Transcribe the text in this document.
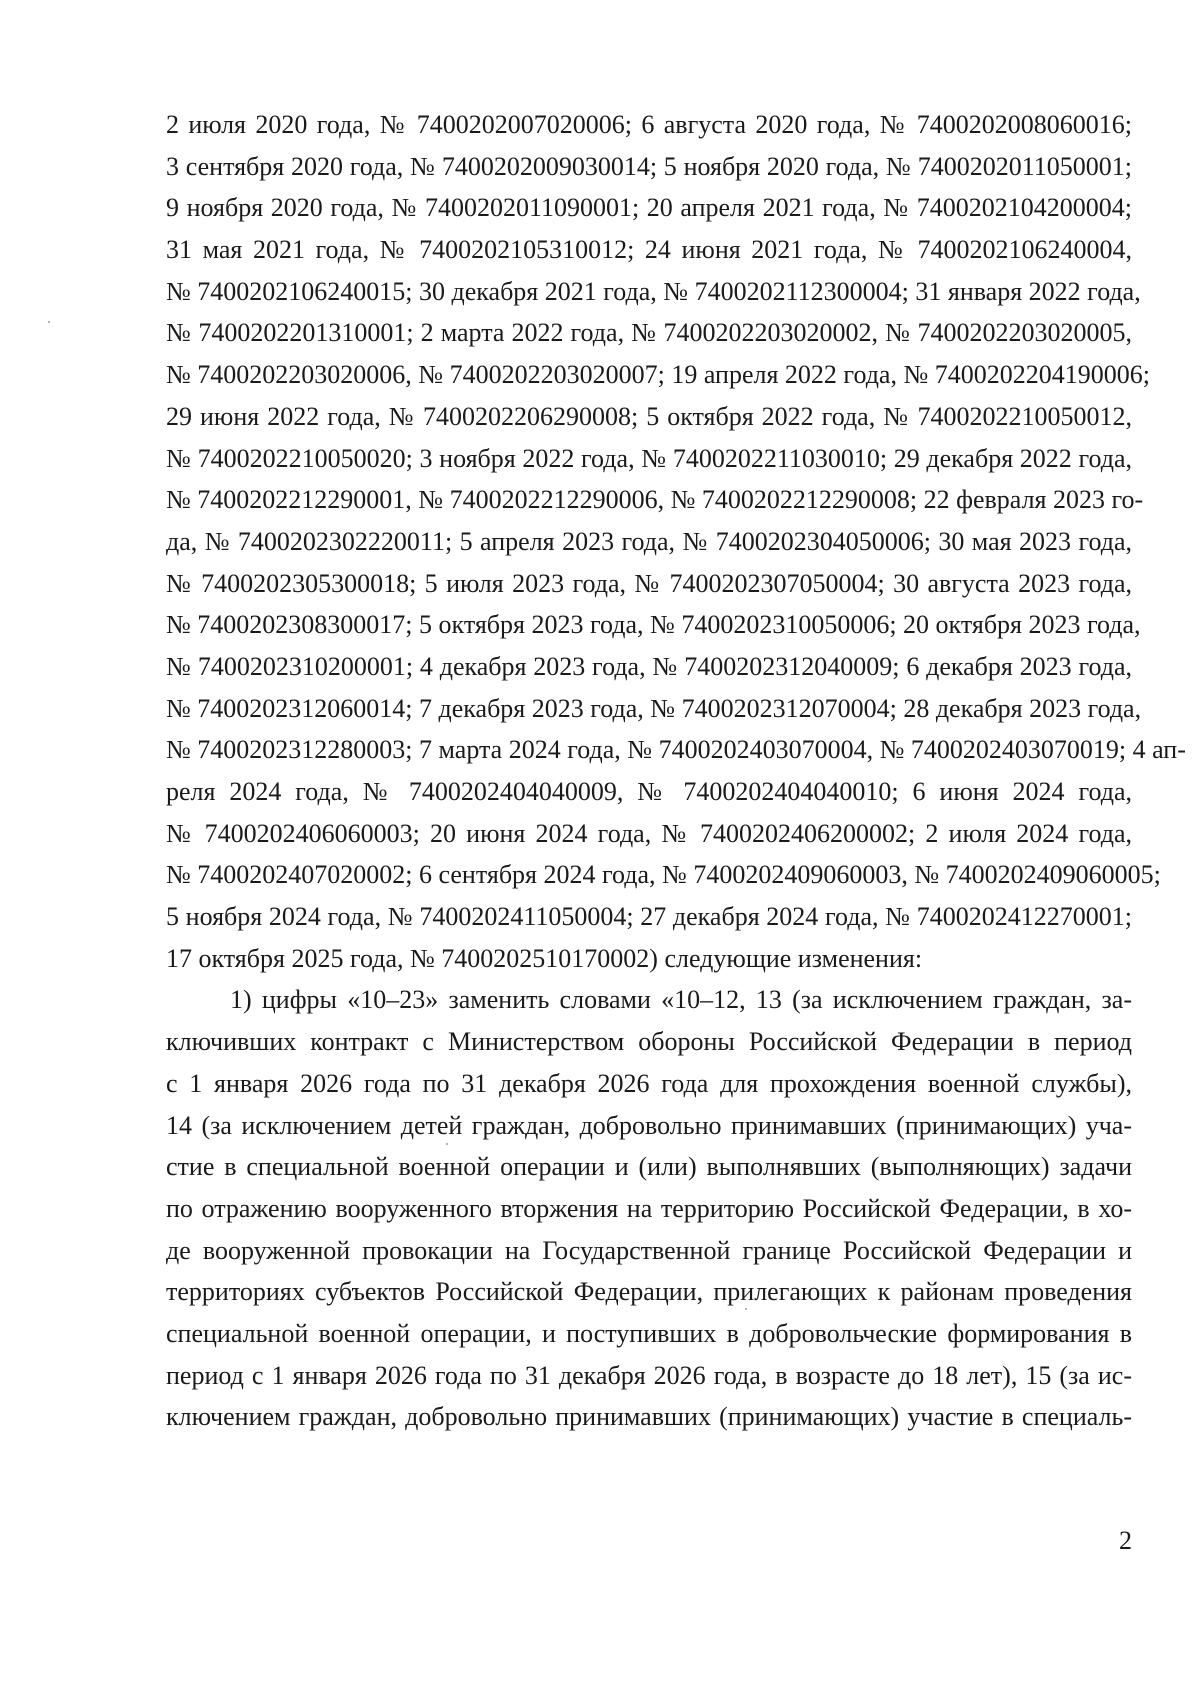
2 июля 2020 года, № 7400202007020006; 6 августа 2020 года, № 7400202008060016;
3 сентября 2020 года, № 7400202009030014; 5 ноября 2020 года, № 7400202011050001;
9 ноября 2020 года, № 7400202011090001; 20 апреля 2021 года, № 7400202104200004;
31 мая 2021 года, № 7400202105310012; 24 июня 2021 года, № 7400202106240004,
№ 7400202106240015; 30 декабря 2021 года, № 7400202112300004; 31 января 2022 года,
№ 7400202201310001; 2 марта 2022 года, № 7400202203020002, № 7400202203020005,
№ 7400202203020006, № 7400202203020007; 19 апреля 2022 года, № 7400202204190006;
29 июня 2022 года, № 7400202206290008; 5 октября 2022 года, № 7400202210050012,
№ 7400202210050020; 3 ноября 2022 года, № 7400202211030010; 29 декабря 2022 года,
№ 7400202212290001, № 7400202212290006, № 7400202212290008; 22 февраля 2023 го-
да, № 7400202302220011; 5 апреля 2023 года, № 7400202304050006; 30 мая 2023 года,
№ 7400202305300018; 5 июля 2023 года, № 7400202307050004; 30 августа 2023 года,
№ 7400202308300017; 5 октября 2023 года, № 7400202310050006; 20 октября 2023 года,
№ 7400202310200001; 4 декабря 2023 года, № 7400202312040009; 6 декабря 2023 года,
№ 7400202312060014; 7 декабря 2023 года, № 7400202312070004; 28 декабря 2023 года,
№ 7400202312280003; 7 марта 2024 года, № 7400202403070004, № 7400202403070019; 4 ап-
реля 2024 года, № 7400202404040009, № 7400202404040010; 6 июня 2024 года,
№ 7400202406060003; 20 июня 2024 года, № 7400202406200002; 2 июля 2024 года,
№ 7400202407020002; 6 сентября 2024 года, № 7400202409060003, № 7400202409060005;
5 ноября 2024 года, № 7400202411050004; 27 декабря 2024 года, № 7400202412270001;
17 октября 2025 года, № 7400202510170002) следующие изменения:
1) цифры «10–23» заменить словами «10–12, 13 (за исключением граждан, за-
ключивших контракт с Министерством обороны Российской Федерации в период
с 1 января 2026 года по 31 декабря 2026 года для прохождения военной службы),
14 (за исключением детей граждан, добровольно принимавших (принимающих) уча-
стие в специальной военной операции и (или) выполнявших (выполняющих) задачи
по отражению вооруженного вторжения на территорию Российской Федерации, в хо-
де вооруженной провокации на Государственной границе Российской Федерации и
территориях субъектов Российской Федерации, прилегающих к районам проведения
специальной военной операции, и поступивших в добровольческие формирования в
период с 1 января 2026 года по 31 декабря 2026 года, в возрасте до 18 лет), 15 (за ис-
ключением граждан, добровольно принимавших (принимающих) участие в специаль-
2
